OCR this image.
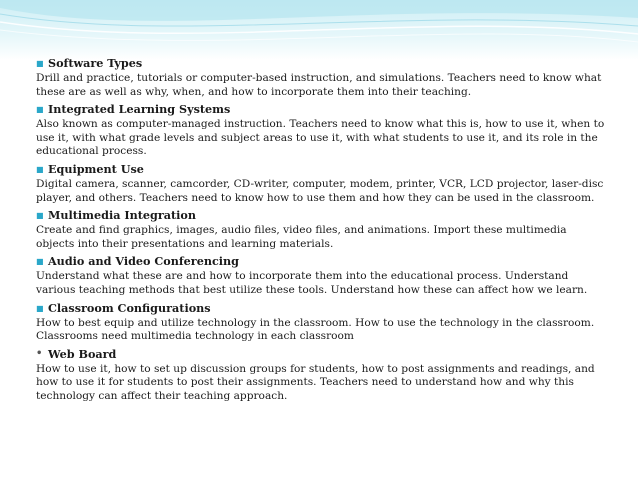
■ Software Types

Drill and practice, tutorials or computer-based instruction, and simulations. Teachers need to know what these are as well as why, when, and how to incorporate them into their teaching.

■ Integrated Learning Systems

Also known as computer-managed instruction. Teachers need to know what this is, how to use it, when to use it, with what grade levels and subject areas to use it, with what students to use it, and its role in the educational process.

■ Equipment Use

Digital camera, scanner, camcorder, CD-writer, computer, modem, printer, VCR, LCD projector, laser-disc player, and others. Teachers need to know how to use them and how they can be used in the classroom.

■ Multimedia Integration

Create and find graphics, images, audio files, video files, and animations. Import these multimedia objects into their presentations and learning materials.

■ Audio and Video Conferencing

Understand what these are and how to incorporate them into the educational process. Understand various teaching methods that best utilize these tools. Understand how these can affect how we learn.

■ Classroom Configurations

How to best equip and utilize technology in the classroom. How to use the technology in the classroom. Classrooms need multimedia technology in each classroom

• Web Board

How to use it, how to set up discussion groups for students, how to post assignments and readings, and how to use it for students to post their assignments. Teachers need to understand how and why this technology can affect their teaching approach.
